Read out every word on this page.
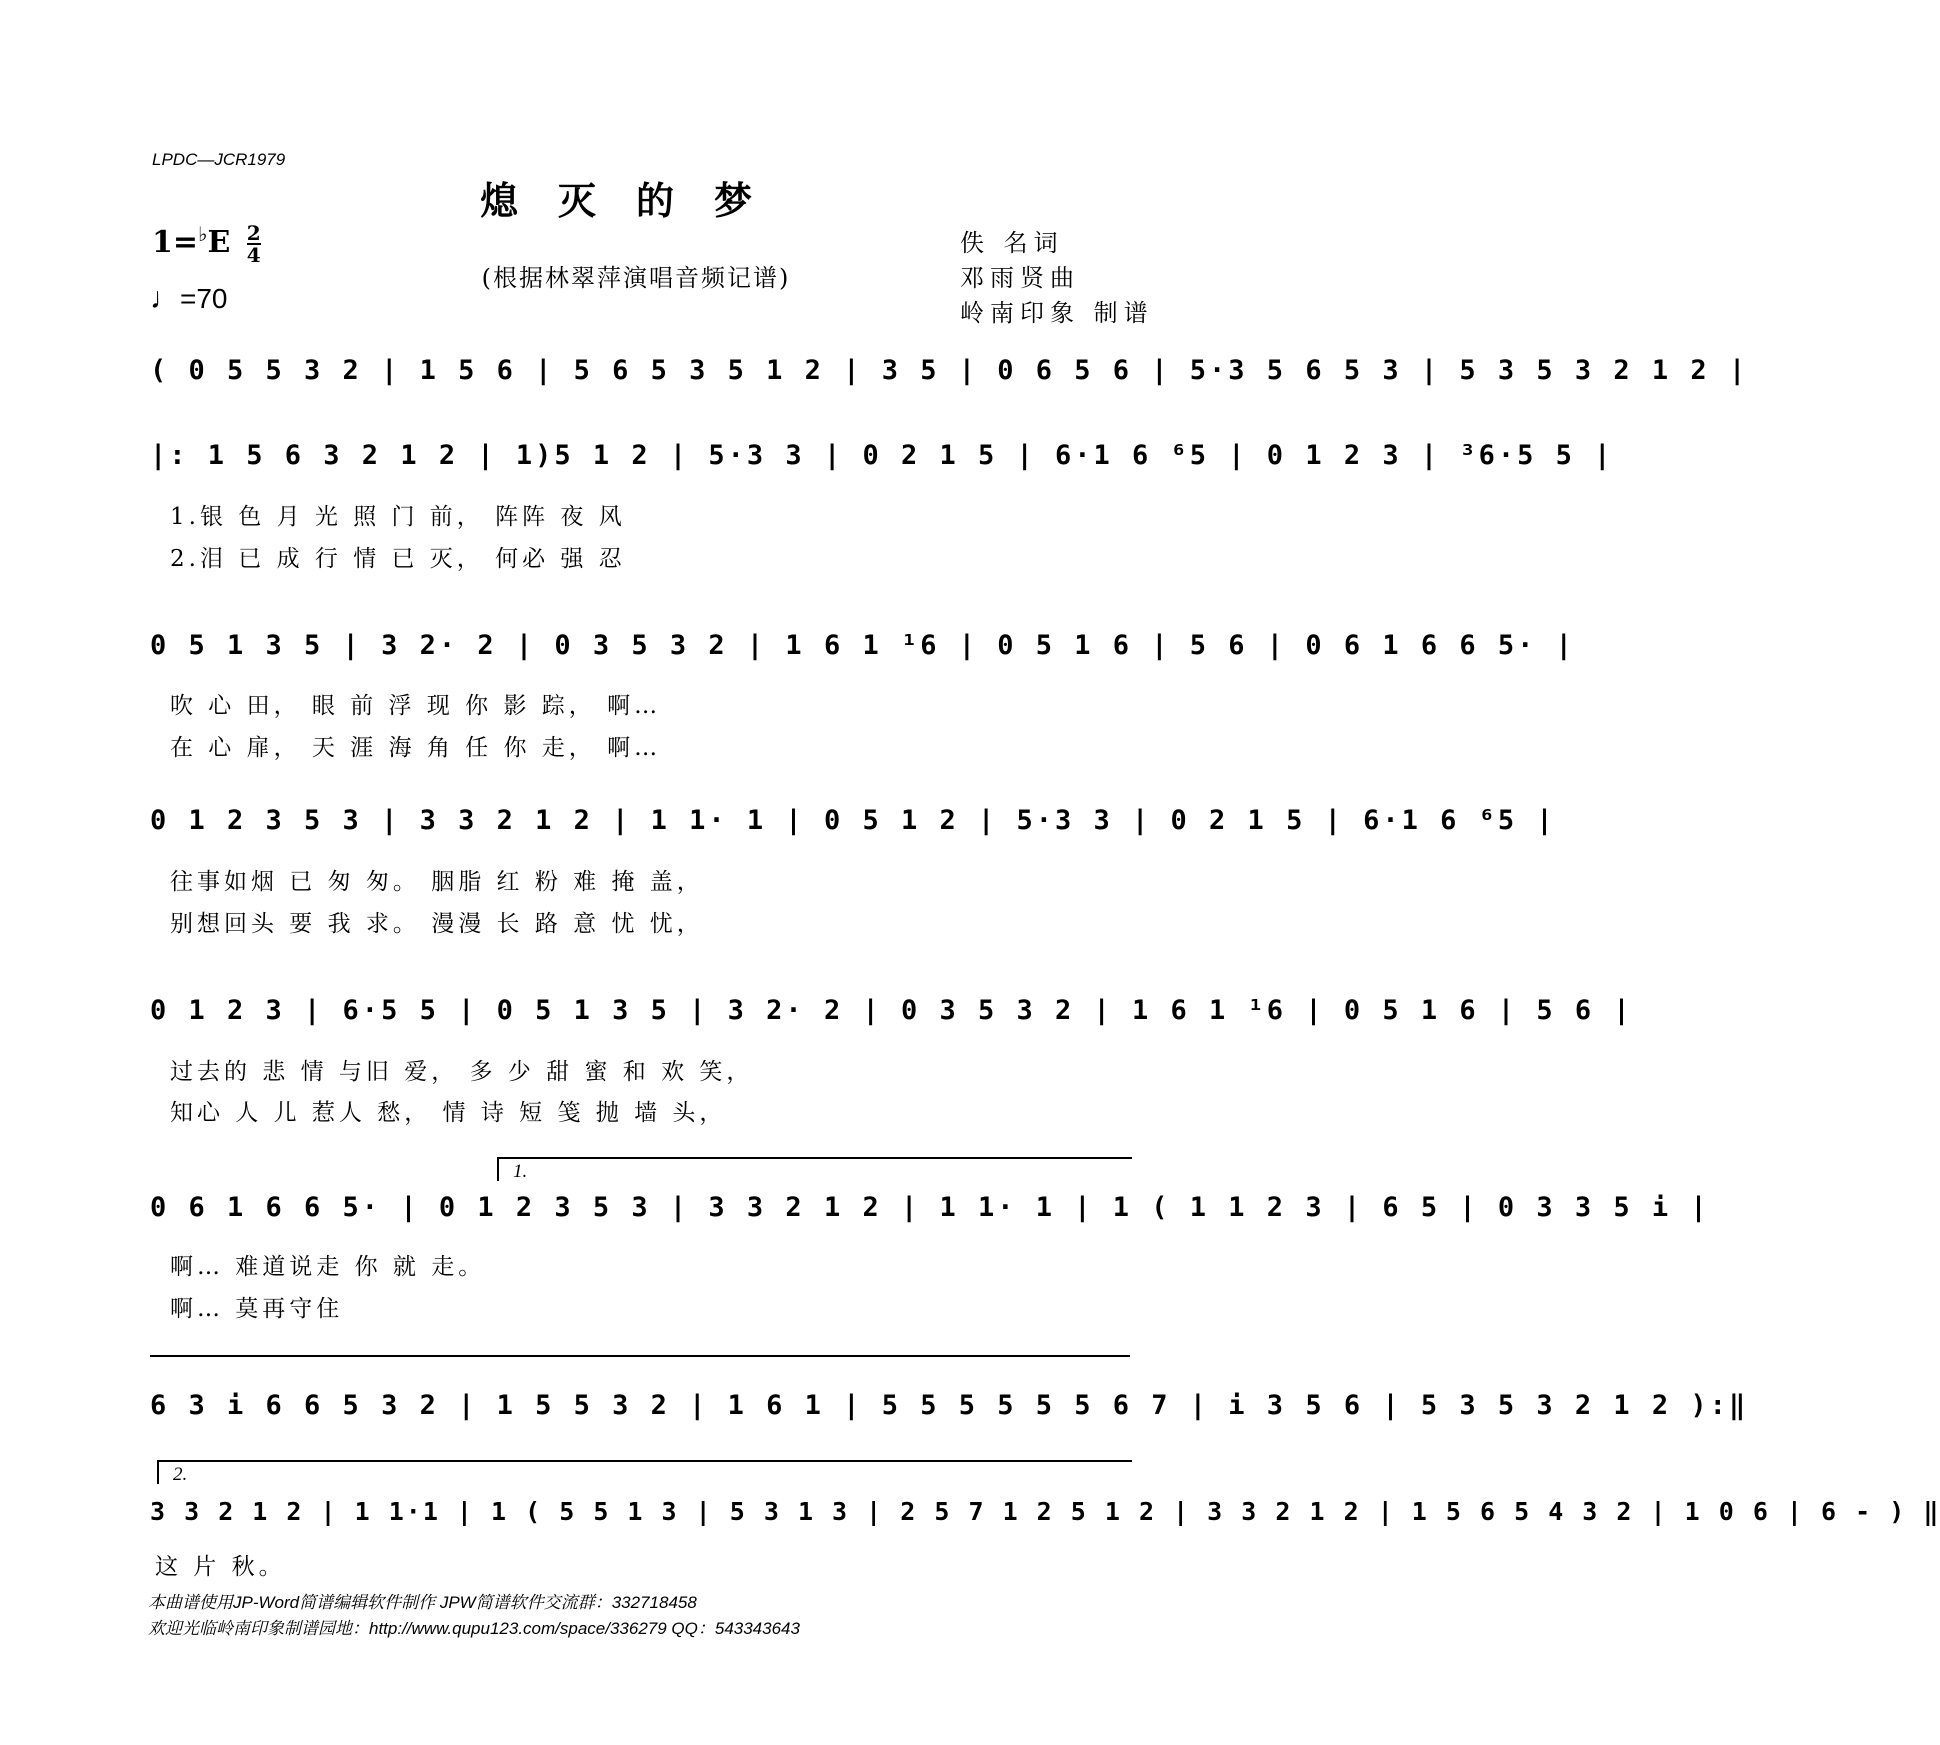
LPDC—JCR1979
熄灭的梦
$1=^♭E \frac{2}{4}$
♩=70
(根据林翠萍演唱音频记谱)
佚 名词
邓雨贤曲
岭南印象 制谱
( 0 5 5 3 2 | 1 5 6 | 5 6 5 3 5 1 2 | 3 5 | 0 6 5 6 | 5·3 5 6 5 3 | 5 3 5 3 2 1 2 |
|: 1 5 6 3 2 1 2 | 1)5 1 2 | 5·3 3 | 0 2 1 5 | 6·1 6 ⁶5 | 0 1 2 3 | ³6·5 5 |
1.银 色 月 光 照 门 前， 阵阵 夜 风
2.泪 已 成 行 情 已 灭， 何必 强 忍
0 5 1 3 5 | 3 2· 2 | 0 3 5 3 2 | 1 6 1 ¹6 | 0 5 1 6 | 5 6 | 0 6 1 6 6 5· |
吹 心 田， 眼 前 浮 现 你 影 踪， 啊…
在 心 扉， 天 涯 海 角 任 你 走， 啊…
0 1 2 3 5 3 | 3 3 2 1 2 | 1 1· 1 | 0 5 1 2 | 5·3 3 | 0 2 1 5 | 6·1 6 ⁶5 |
往事如烟 已 匆 匆。 胭脂 红 粉 难 掩 盖，
别想回头 要 我 求。 漫漫 长 路 意 忧 忧，
0 1 2 3 | 6·5 5 | 0 5 1 3 5 | 3 2· 2 | 0 3 5 3 2 | 1 6 1 ¹6 | 0 5 1 6 | 5 6 |
过去的 悲 情 与旧 爱， 多 少 甜 蜜 和 欢 笑，
知心 人 儿 惹人 愁， 情 诗 短 笺 抛 墙 头，
1.
0 6 1 6 6 5· | 0 1 2 3 5 3 | 3 3 2 1 2 | 1 1· 1 | 1 ( 1 1 2 3 | 6 5 | 0 3 3 5 i |
啊… 难道说走 你 就 走。
啊… 莫再守住
6 3 i 6 6 5 3 2 | 1 5 5 3 2 | 1 6 1 | 5 5 5 5 5 5 6 7 | i 3 5 6 | 5 3 5 3 2 1 2 ):‖
2.
3 3 2 1 2 | 1 1·1 | 1 ( 5 5 1 3 | 5 3 1 3 | 2 5 7 1 2 5 1 2 | 3 3 2 1 2 | 1 5 6 5 4 3 2 | 1 0 6 | 6 - ) ‖
这 片 秋。
本曲谱使用JP-Word简谱编辑软件制作 JPW简谱软件交流群：332718458
欢迎光临岭南印象制谱园地：http://www.qupu123.com/space/336279 QQ：543343643
